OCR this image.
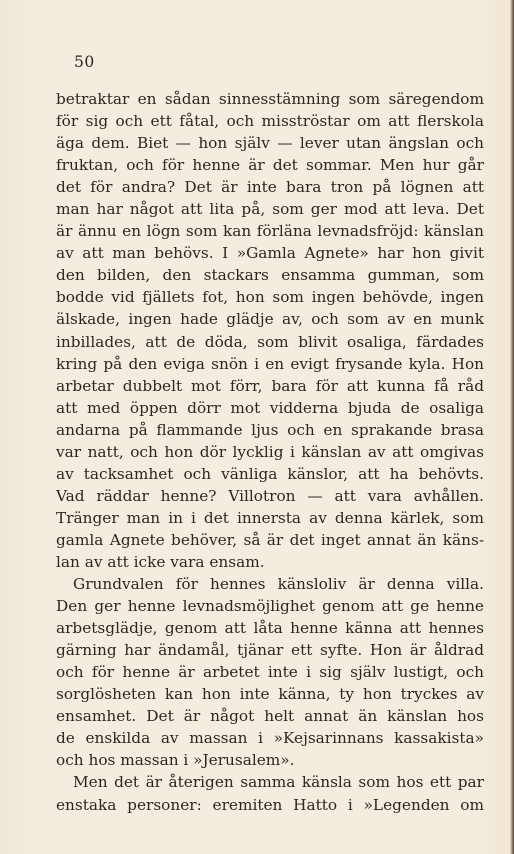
50
betraktar en sådan sinnesstämning som säregendom
för sig och ett fåtal, och misströstar om att flerskola
äga dem. Biet — hon själv — lever utan ängslan och
fruktan, och för henne är det sommar. Men hur går
det för andra? Det är inte bara tron på lögnen att
man har något att lita på, som ger mod att leva. Det
är ännu en lögn som kan förläna levnadsfröjd: känslan
av att man behövs. I »Gamla Agnete» har hon givit
den bilden, den stackars ensamma gumman, som
bodde vid fjällets fot, hon som ingen behövde, ingen
älskade, ingen hade glädje av, och som av en munk
inbillades, att de döda, som blivit osaliga, färdades
kring på den eviga snön i en evigt frysande kyla. Hon
arbetar dubbelt mot förr, bara för att kunna få råd
att med öppen dörr mot vidderna bjuda de osaliga
andarna på flammande ljus och en sprakande brasa
var natt, och hon dör lycklig i känslan av att omgivas
av tacksamhet och vänliga känslor, att ha behövts.
Vad räddar henne? Villotron — att vara avhållen.
Tränger man in i det innersta av denna kärlek, som
gamla Agnete behöver, så är det inget annat än käns-
lan av att icke vara ensam.
Grundvalen för hennes känsloliv är denna villa.
Den ger henne levnadsmöjlighet genom att ge henne
arbetsglädje, genom att låta henne känna att hennes
gärning har ändamål, tjänar ett syfte. Hon är åldrad
och för henne är arbetet inte i sig själv lustigt, och
sorglösheten kan hon inte känna, ty hon tryckes av
ensamhet. Det är något helt annat än känslan hos
de enskilda av massan i »Kejsarinnans kassakista»
och hos massan i »Jerusalem».
Men det är återigen samma känsla som hos ett par
enstaka personer: eremiten Hatto i »Legenden om
